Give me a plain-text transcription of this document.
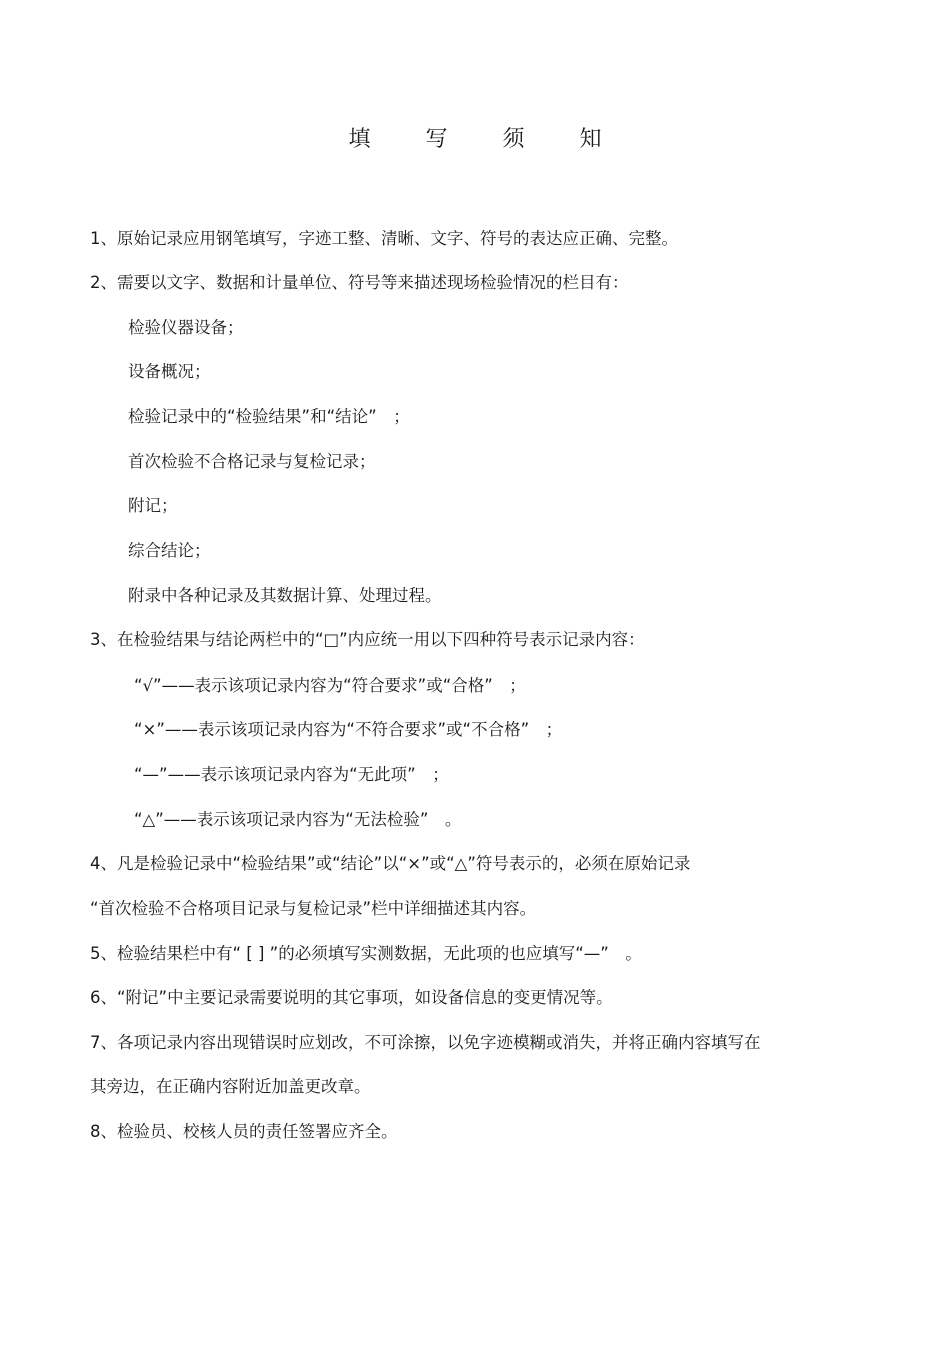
填 写 须 知
1、原始记录应用钢笔填写，字迹工整、清晰、文字、符号的表达应正确、完整。
2、需要以文字、数据和计量单位、符号等来描述现场检验情况的栏目有：
检验仪器设备；
设备概况；
检验记录中的“检验结果”和“结论”　；
首次检验不合格记录与复检记录；
附记；
综合结论；
附录中各种记录及其数据计算、处理过程。
3、在检验结果与结论两栏中的“□”内应统一用以下四种符号表示记录内容：
“√”——表示该项记录内容为“符合要求”或“合格”　；
“×”——表示该项记录内容为“不符合要求”或“不合格”　；
“—”——表示该项记录内容为“无此项”　；
“△”——表示该项记录内容为“无法检验”　。
4、凡是检验记录中“检验结果”或“结论”以“×”或“△”符号表示的，必须在原始记录
“首次检验不合格项目记录与复检记录”栏中详细描述其内容。
5、检验结果栏中有“ [ ] ”的必须填写实测数据，无此项的也应填写“—”　。
6、“附记”中主要记录需要说明的其它事项，如设备信息的变更情况等。
7、各项记录内容出现错误时应划改，不可涂擦，以免字迹模糊或消失，并将正确内容填写在
其旁边，在正确内容附近加盖更改章。
8、检验员、校核人员的责任签署应齐全。
